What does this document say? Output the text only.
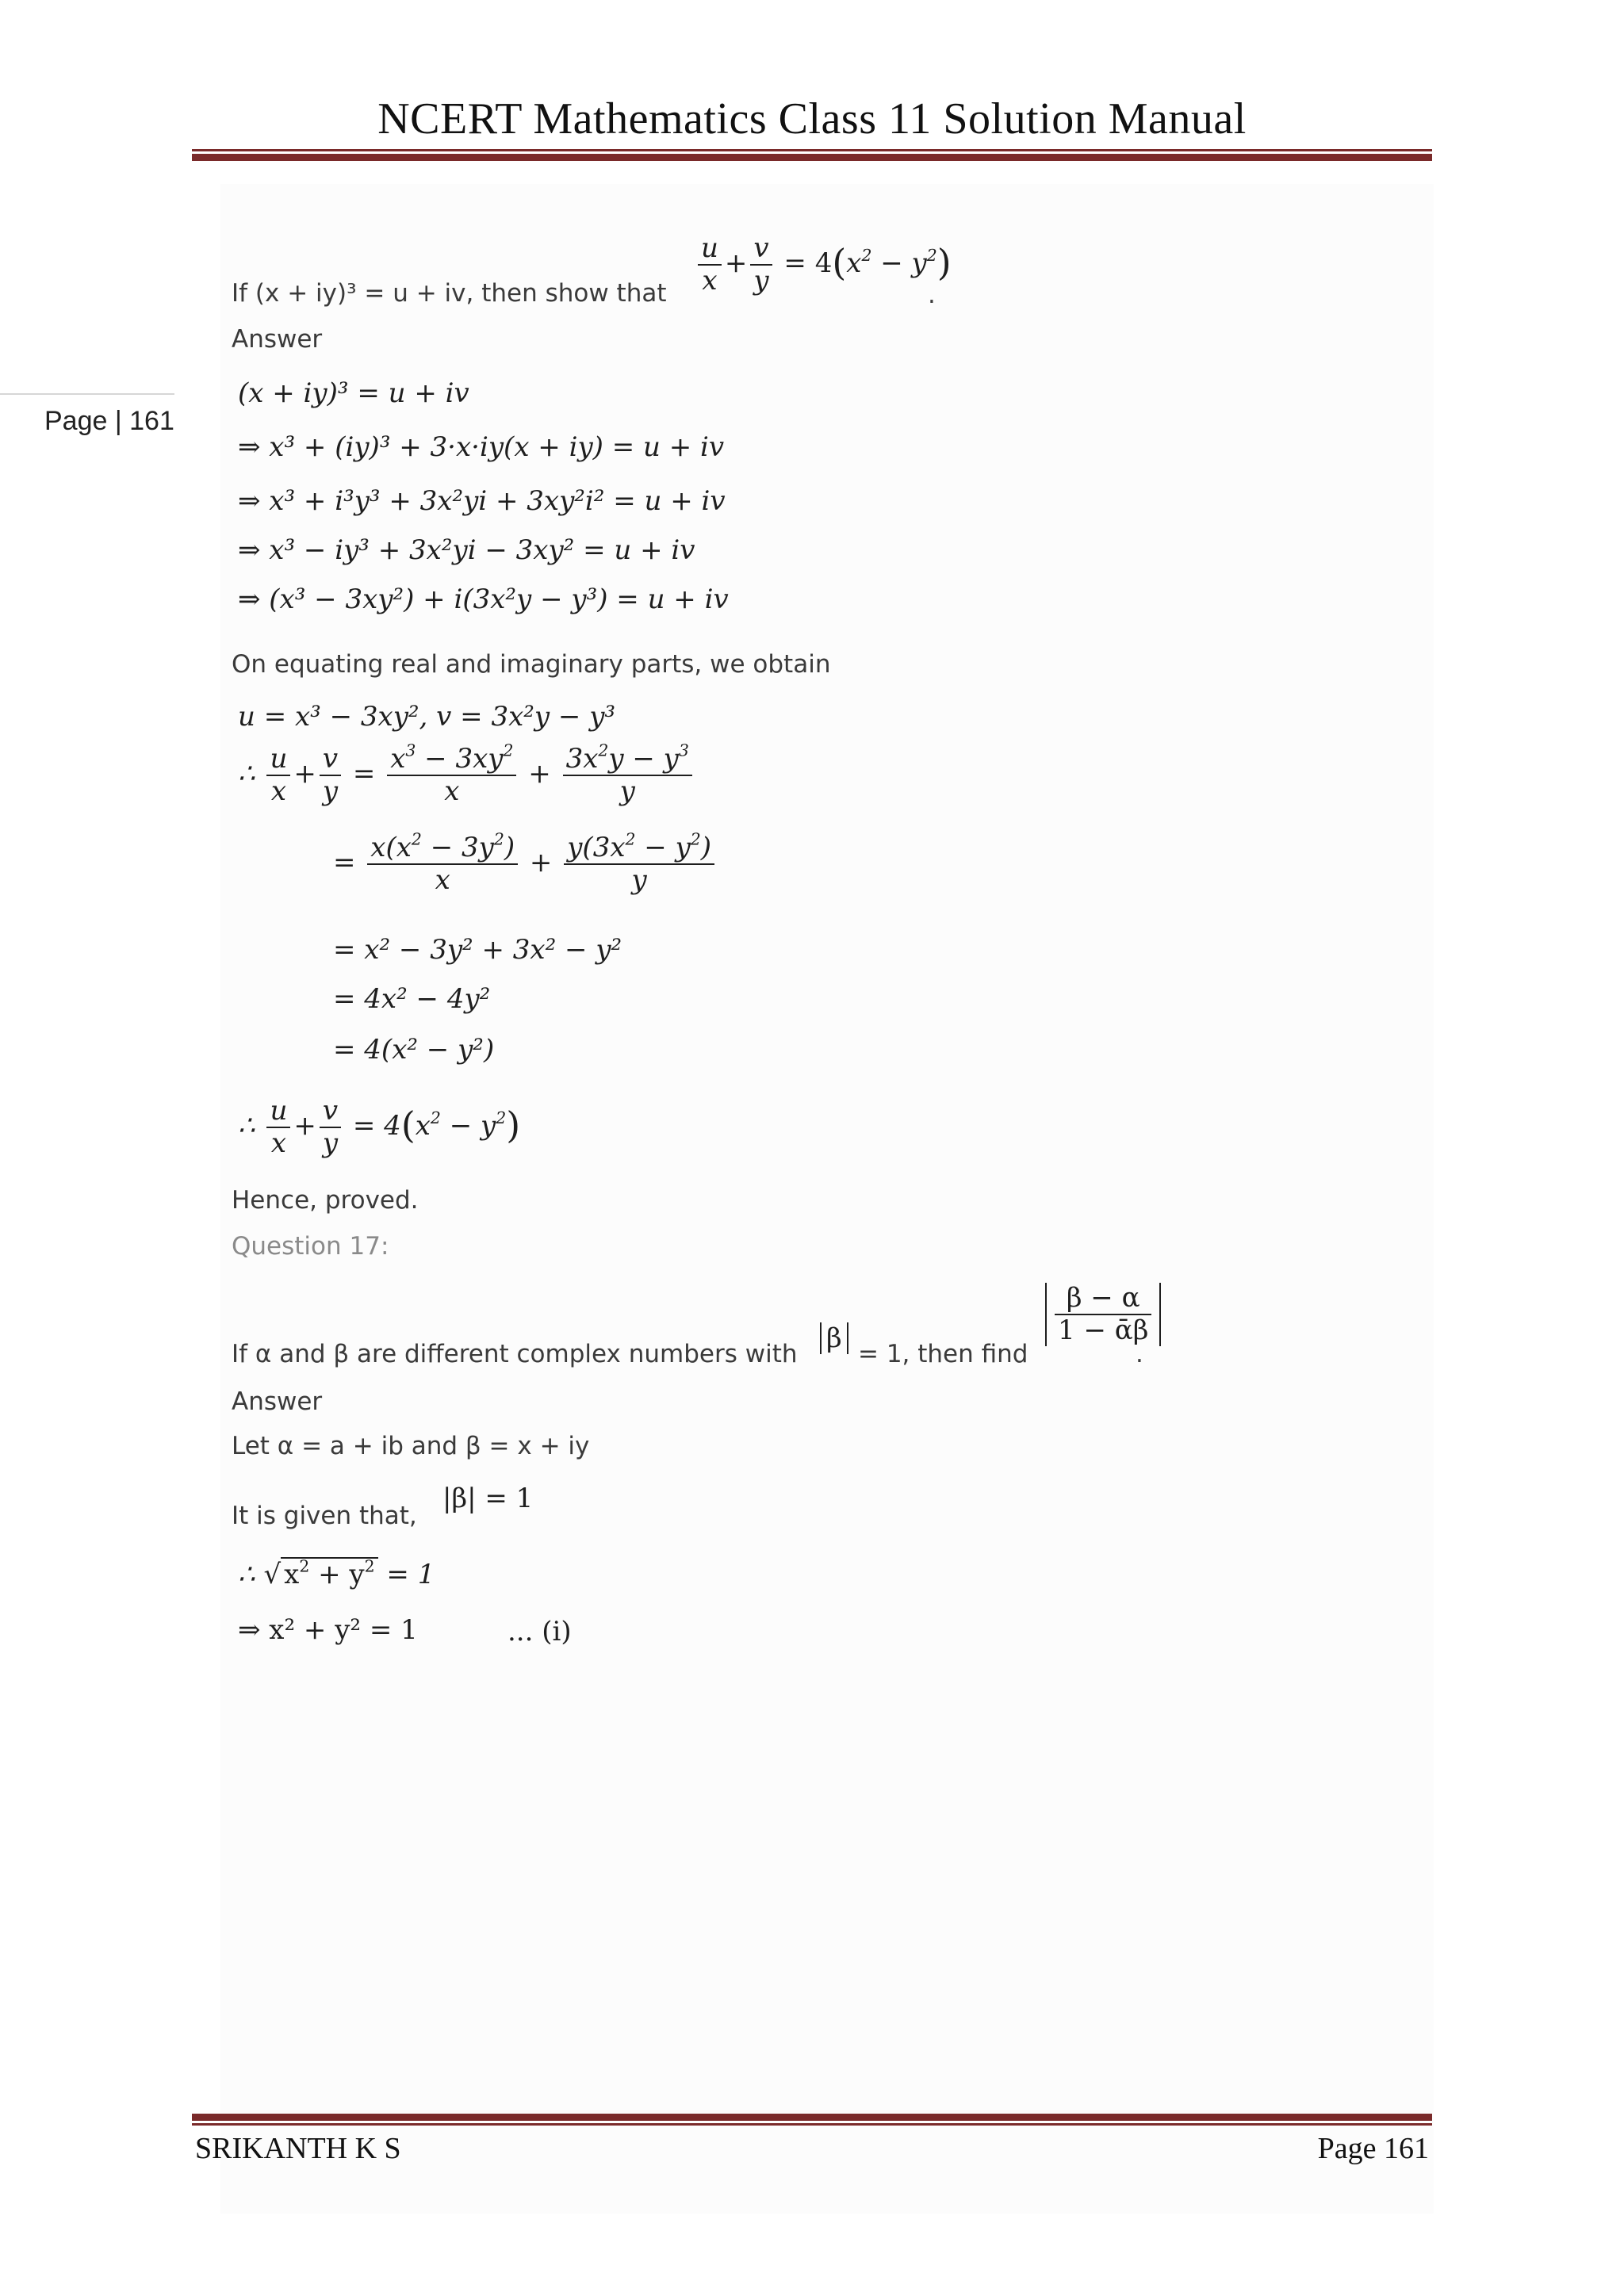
NCERT Mathematics Class 11 Solution Manual
Page | 161
If (x + iy)³ = u + iv, then show that $\frac{u}{x} + \frac{v}{y} = 4(x^2 - y^2)$
.
Answer
(x + iy)³ = u + iv
⇒ x³ + (iy)³ + 3·x·iy(x + iy) = u + iv
⇒ x³ + i³y³ + 3x²yi + 3xy²i² = u + iv
⇒ x³ − iy³ + 3x²yi − 3xy² = u + iv
⇒ (x³ − 3xy²) + i(3x²y − y³) = u + iv
On equating real and imaginary parts, we obtain
u = x³ − 3xy², v = 3x²y − y³
∴ $\frac{u}{x} + \frac{v}{y} = \frac{x^3 - 3xy^2}{x} + \frac{3x^2y - y^3}{y}$
= $\frac{x(x^2 - 3y^2)}{x} + \frac{y(3x^2 - y^2)}{y}$
= x² − 3y² + 3x² − y²
= 4x² − 4y²
= 4(x² − y²)
∴ $\frac{u}{x} + \frac{v}{y} = 4(x^2 - y^2)$
Hence, proved.
Question 17:
If α and β are different complex numbers with β = 1, then find
$\frac{\beta - \alpha}{\text{1 − ᾱβ}}$
.
Answer
Let α = a + ib and β = x + iy
It is given that,
|β| = 1
∴ √ $x^2 + y^2 = 1$
⇒ x² + y² = 1	... (i)
SRIKANTH K S	Page 161
